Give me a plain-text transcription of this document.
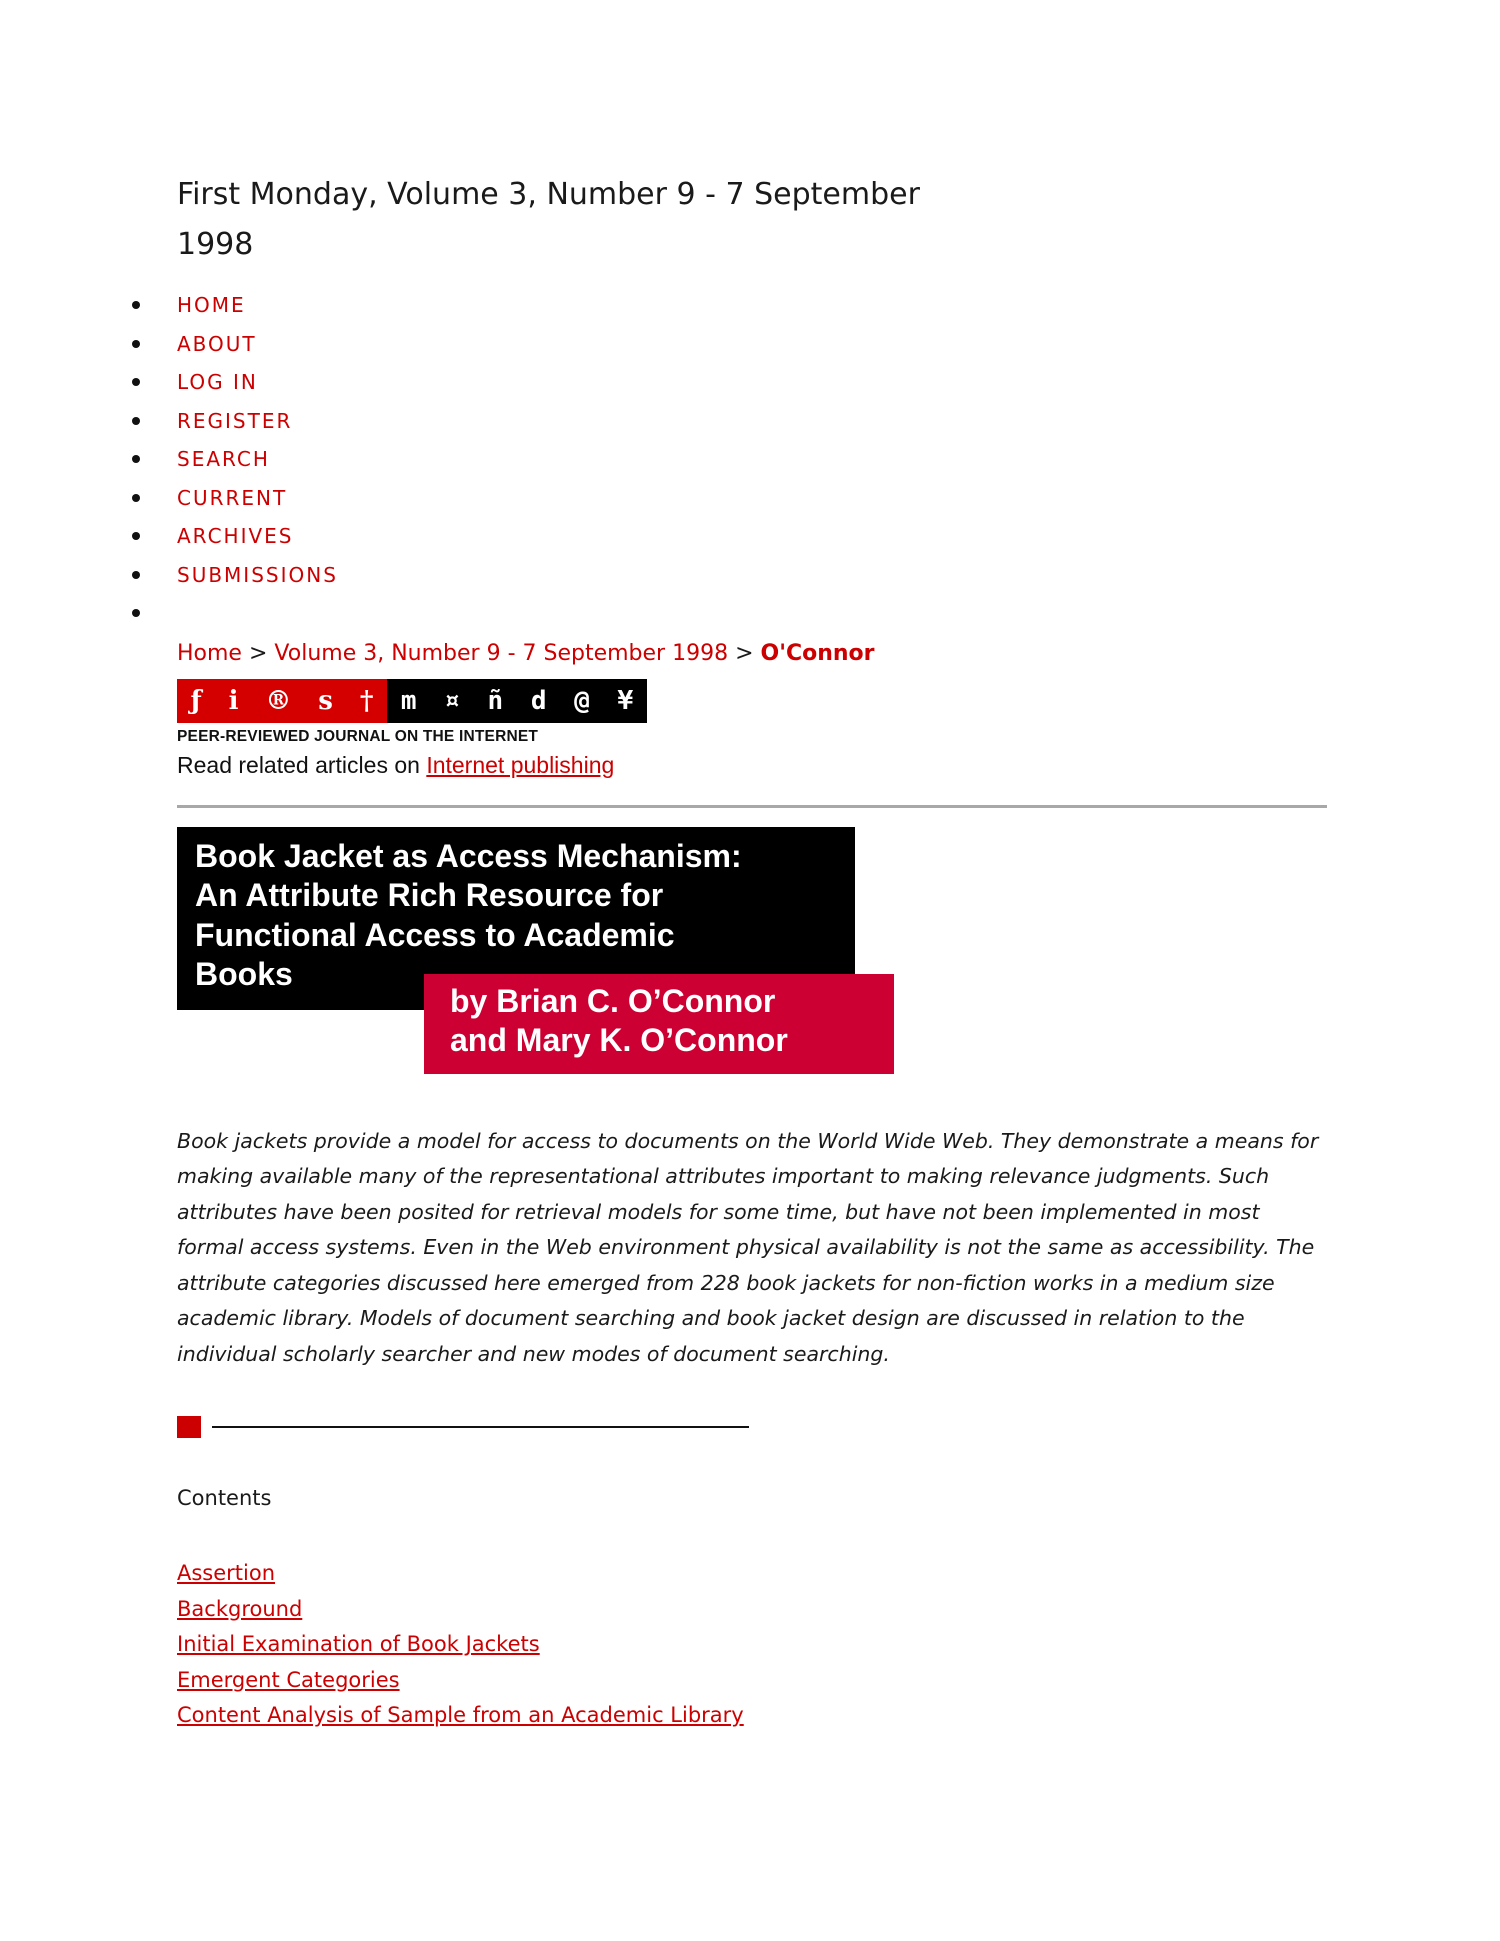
First Monday, Volume 3, Number 9 - 7 September 1998
HOME
ABOUT
LOG IN
REGISTER
SEARCH
CURRENT
ARCHIVES
SUBMISSIONS
Home > Volume 3, Number 9 - 7 September 1998 > O'Connor
ƒ i ® s † m ¤ ñ d @ ¥
PEER-REVIEWED JOURNAL ON THE INTERNET
Read related articles on Internet publishing
Book Jacket as Access Mechanism:
An Attribute Rich Resource for
Functional Access to Academic
Books
by Brian C. O’Connor
and Mary K. O’Connor

Book jackets provide a model for access to documents on the World Wide Web. They demonstrate a means for making available many of the representational attributes important to making relevance judgments. Such attributes have been posited for retrieval models for some time, but have not been implemented in most formal access systems. Even in the Web environment physical availability is not the same as accessibility. The attribute categories discussed here emerged from 228 book jackets for non-fiction works in a medium size academic library. Models of document searching and book jacket design are discussed in relation to the individual scholarly searcher and new modes of document searching.

Contents
Assertion
Background
Initial Examination of Book Jackets
Emergent Categories
Content Analysis of Sample from an Academic Library
